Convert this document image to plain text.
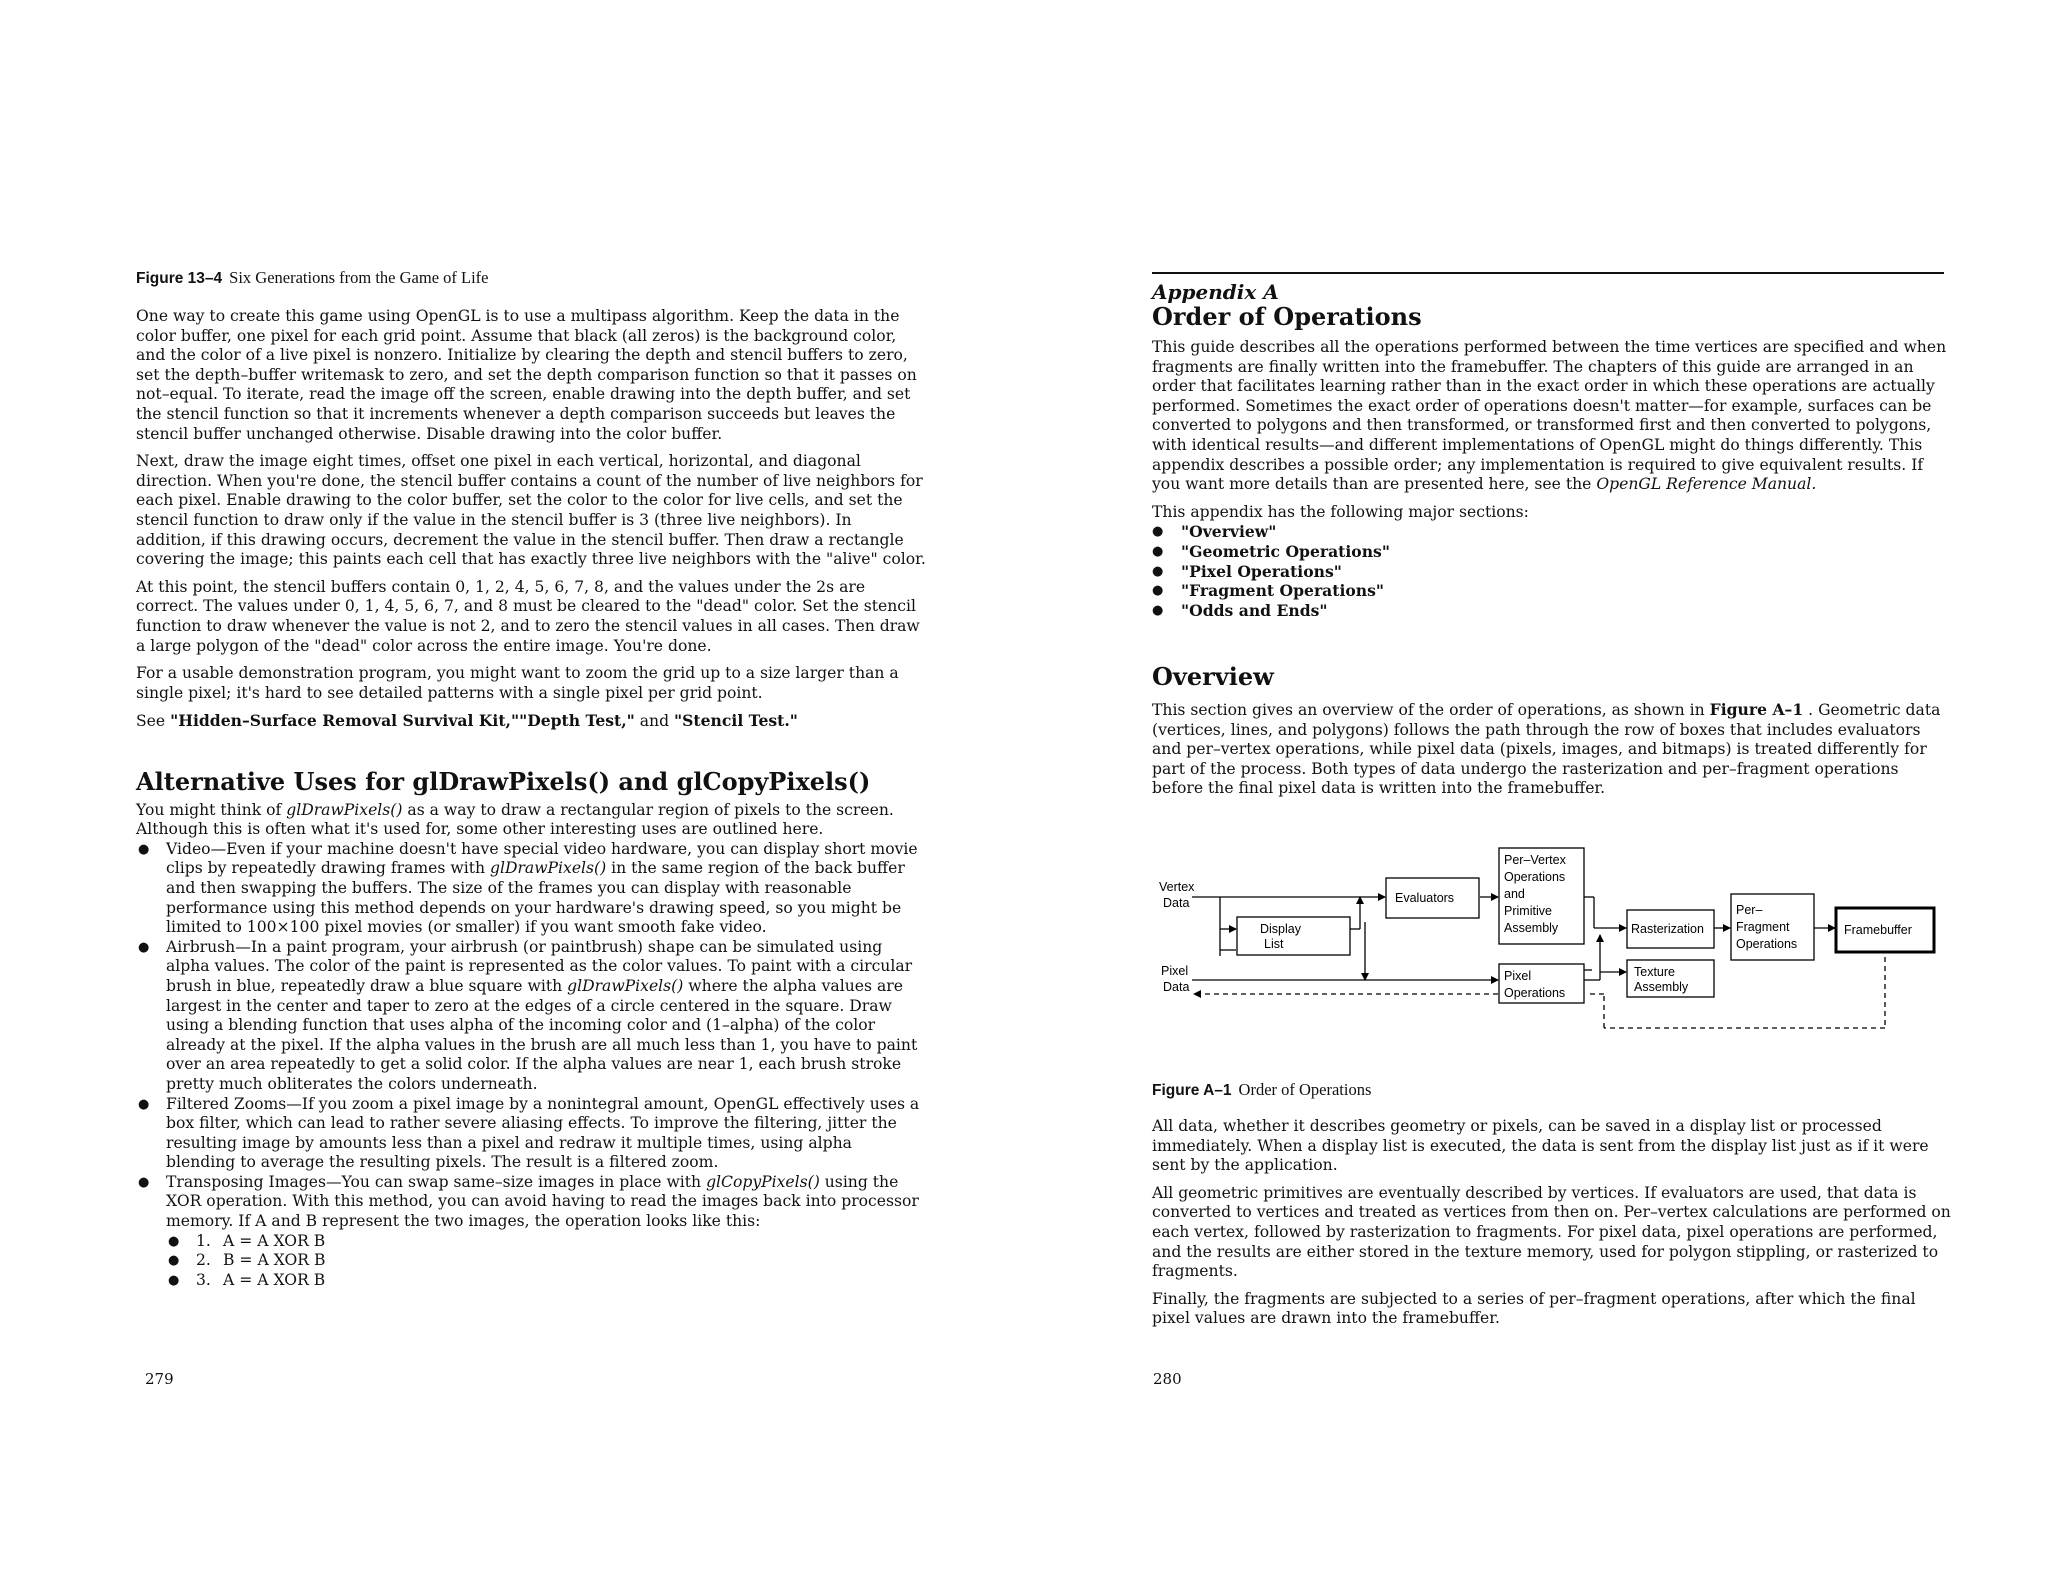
Figure 13–4 Six Generations from the Game of Life

One way to create this game using OpenGL is to use a multipass algorithm. Keep the data in the color buffer, one pixel for each grid point. Assume that black (all zeros) is the background color, and the color of a live pixel is nonzero. Initialize by clearing the depth and stencil buffers to zero, set the depth–buffer writemask to zero, and set the depth comparison function so that it passes on not–equal. To iterate, read the image off the screen, enable drawing into the depth buffer, and set the stencil function so that it increments whenever a depth comparison succeeds but leaves the stencil buffer unchanged otherwise. Disable drawing into the color buffer.

Next, draw the image eight times, offset one pixel in each vertical, horizontal, and diagonal direction. When you're done, the stencil buffer contains a count of the number of live neighbors for each pixel. Enable drawing to the color buffer, set the color to the color for live cells, and set the stencil function to draw only if the value in the stencil buffer is 3 (three live neighbors). In addition, if this drawing occurs, decrement the value in the stencil buffer. Then draw a rectangle covering the image; this paints each cell that has exactly three live neighbors with the "alive" color.

At this point, the stencil buffers contain 0, 1, 2, 4, 5, 6, 7, 8, and the values under the 2s are correct. The values under 0, 1, 4, 5, 6, 7, and 8 must be cleared to the "dead" color. Set the stencil function to draw whenever the value is not 2, and to zero the stencil values in all cases. Then draw a large polygon of the "dead" color across the entire image. You're done.

For a usable demonstration program, you might want to zoom the grid up to a size larger than a single pixel; it's hard to see detailed patterns with a single pixel per grid point.

See "Hidden–Surface Removal Survival Kit,""Depth Test," and "Stencil Test."

Alternative Uses for glDrawPixels() and glCopyPixels()

You might think of glDrawPixels() as a way to draw a rectangular region of pixels to the screen. Although this is often what it's used for, some other interesting uses are outlined here.

● Video—Even if your machine doesn't have special video hardware, you can display short movie clips by repeatedly drawing frames with glDrawPixels() in the same region of the back buffer and then swapping the buffers. The size of the frames you can display with reasonable performance using this method depends on your hardware's drawing speed, so you might be limited to 100×100 pixel movies (or smaller) if you want smooth fake video.
● Airbrush—In a paint program, your airbrush (or paintbrush) shape can be simulated using alpha values. The color of the paint is represented as the color values. To paint with a circular brush in blue, repeatedly draw a blue square with glDrawPixels() where the alpha values are largest in the center and taper to zero at the edges of a circle centered in the square. Draw using a blending function that uses alpha of the incoming color and (1–alpha) of the color already at the pixel. If the alpha values in the brush are all much less than 1, you have to paint over an area repeatedly to get a solid color. If the alpha values are near 1, each brush stroke pretty much obliterates the colors underneath.
● Filtered Zooms—If you zoom a pixel image by a nonintegral amount, OpenGL effectively uses a box filter, which can lead to rather severe aliasing effects. To improve the filtering, jitter the resulting image by amounts less than a pixel and redraw it multiple times, using alpha blending to average the resulting pixels. The result is a filtered zoom.
● Transposing Images—You can swap same–size images in place with glCopyPixels() using the XOR operation. With this method, you can avoid having to read the images back into processor memory. If A and B represent the two images, the operation looks like this:
● 1. A = A XOR B
● 2. B = A XOR B
● 3. A = A XOR B
279
Appendix A
Order of Operations

This guide describes all the operations performed between the time vertices are specified and when fragments are finally written into the framebuffer. The chapters of this guide are arranged in an order that facilitates learning rather than in the exact order in which these operations are actually performed. Sometimes the exact order of operations doesn't matter—for example, surfaces can be converted to polygons and then transformed, or transformed first and then converted to polygons, with identical results—and different implementations of OpenGL might do things differently. This appendix describes a possible order; any implementation is required to give equivalent results. If you want more details than are presented here, see the OpenGL Reference Manual.

This appendix has the following major sections:

● "Overview"
● "Geometric Operations"
● "Pixel Operations"
● "Fragment Operations"
● "Odds and Ends"
Overview

This section gives an overview of the order of operations, as shown in Figure A–1 . Geometric data (vertices, lines, and polygons) follows the path through the row of boxes that includes evaluators and per–vertex operations, while pixel data (pixels, images, and bitmaps) is treated differently for part of the process. Both types of data undergo the rasterization and per–fragment operations before the final pixel data is written into the framebuffer.

Vertex
Data
Pixel
Data
Display
List
Evaluators
Per–Vertex
Operations
and
Primitive
Assembly
Pixel
Operations
Rasterization
Texture
Assembly
Per–
Fragment
Operations
Framebuffer
Figure A–1 Order of Operations

All data, whether it describes geometry or pixels, can be saved in a display list or processed immediately. When a display list is executed, the data is sent from the display list just as if it were sent by the application.

All geometric primitives are eventually described by vertices. If evaluators are used, that data is converted to vertices and treated as vertices from then on. Per–vertex calculations are performed on each vertex, followed by rasterization to fragments. For pixel data, pixel operations are performed, and the results are either stored in the texture memory, used for polygon stippling, or rasterized to fragments.

Finally, the fragments are subjected to a series of per–fragment operations, after which the final pixel values are drawn into the framebuffer.

280
